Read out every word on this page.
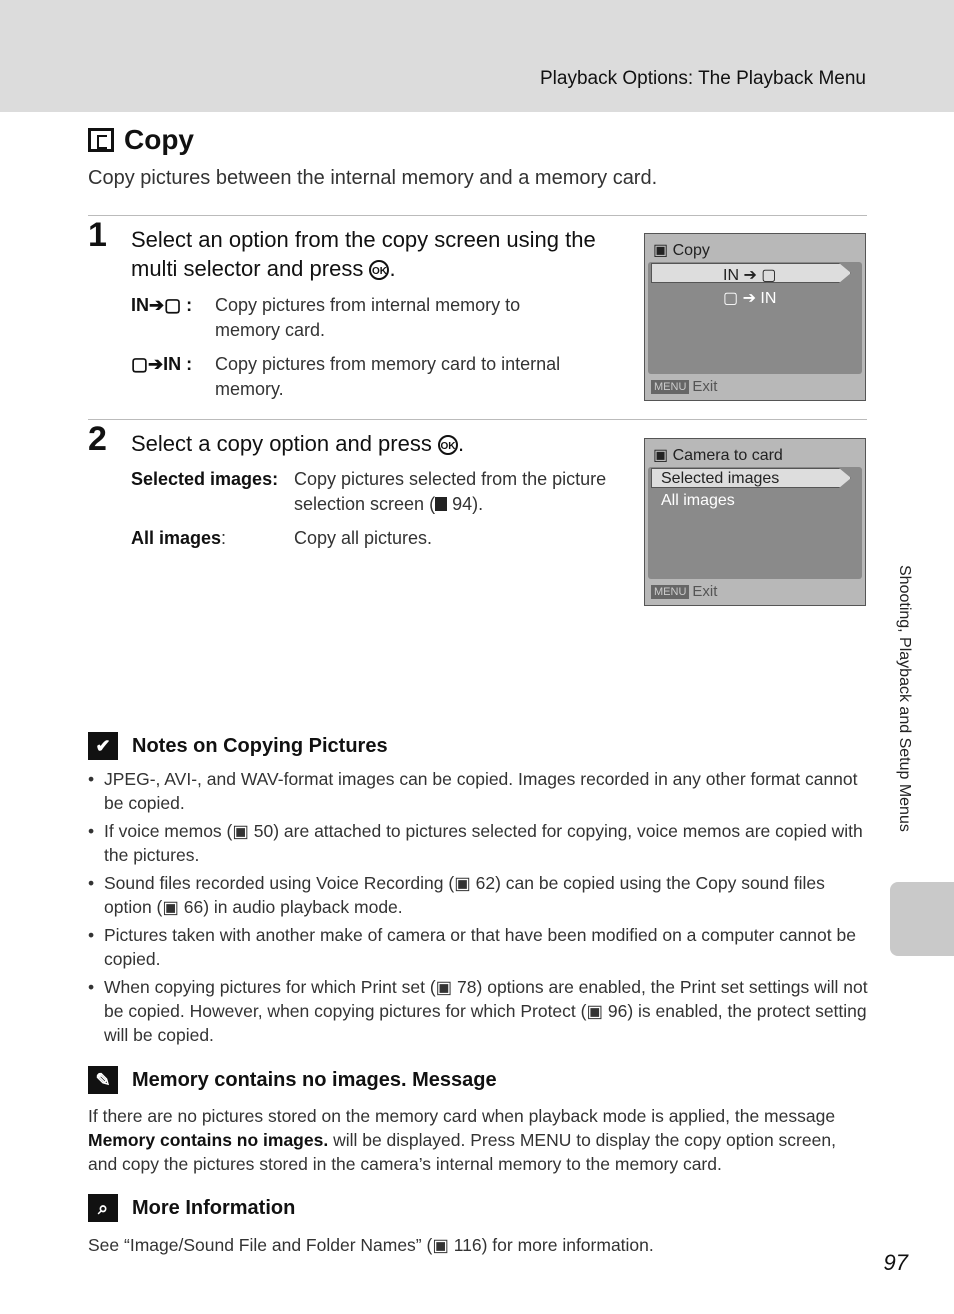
Playback Options: The Playback Menu
Copy
Copy pictures between the internal memory and a memory card.
1 Select an option from the copy screen using the multi selector and press OK .
IN➔▢ :	Copy pictures from internal memory to memory card.
▢➔IN :	Copy pictures from memory card to internal memory.
▣ Copy
IN ➔ ▢
▢ ➔ IN
MENU Exit
2 Select a copy option and press OK .
Selected images: Copy pictures selected from the picture selection screen ( 94).
All images:	Copy all pictures.
▣ Camera to card
Selected images
All images
MENU Exit
✔	Notes on Copying Pictures
• JPEG-, AVI-, and WAV-format images can be copied. Images recorded in any other format cannot be copied.
• If voice memos (▣ 50) are attached to pictures selected for copying, voice memos are copied with the pictures.
• Sound files recorded using Voice Recording (▣ 62) can be copied using the Copy sound files option (▣ 66) in audio playback mode.
• Pictures taken with another make of camera or that have been modified on a computer cannot be copied.
• When copying pictures for which Print set (▣ 78) options are enabled, the Print set settings will not be copied. However, when copying pictures for which Protect (▣ 96) is enabled, the protect setting will be copied.
✎	Memory contains no images. Message
If there are no pictures stored on the memory card when playback mode is applied, the message Memory contains no images. will be displayed. Press MENU to display the copy option screen, and copy the pictures stored in the camera’s internal memory to the memory card.
⌕	More Information
See “Image/Sound File and Folder Names” (▣ 116) for more information.
Shooting, Playback and Setup Menus
97
